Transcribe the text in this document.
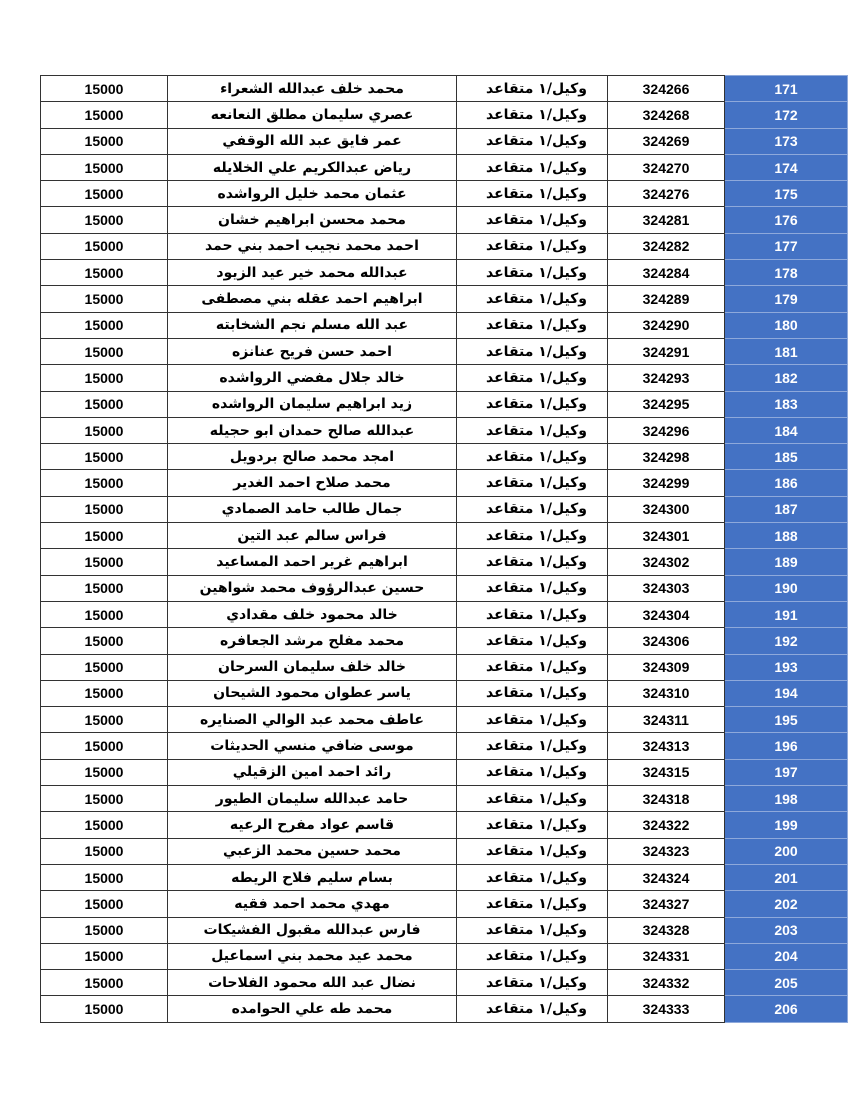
15000	محمد خلف عبدالله الشعراء	وكيل/١ متقاعد	324266	171
15000	عصري سليمان مطلق النعانعه	وكيل/١ متقاعد	324268	172
15000	عمر فايق عبد الله الوقفي	وكيل/١ متقاعد	324269	173
15000	رياض عبدالكريم علي الخلايله	وكيل/١ متقاعد	324270	174
15000	عثمان محمد خليل الرواشده	وكيل/١ متقاعد	324276	175
15000	محمد محسن ابراهيم خشان	وكيل/١ متقاعد	324281	176
15000	احمد محمد نجيب احمد بني حمد	وكيل/١ متقاعد	324282	177
15000	عبدالله محمد خير عيد الزيود	وكيل/١ متقاعد	324284	178
15000	ابراهيم احمد عقله بني مصطفى	وكيل/١ متقاعد	324289	179
15000	عبد الله مسلم نجم الشخابته	وكيل/١ متقاعد	324290	180
15000	احمد حسن فريح عنانزه	وكيل/١ متقاعد	324291	181
15000	خالد جلال مفضي الرواشده	وكيل/١ متقاعد	324293	182
15000	زيد ابراهيم سليمان الرواشده	وكيل/١ متقاعد	324295	183
15000	عبدالله صالح حمدان ابو حجيله	وكيل/١ متقاعد	324296	184
15000	امجد محمد صالح بردويل	وكيل/١ متقاعد	324298	185
15000	محمد صلاح احمد الغدير	وكيل/١ متقاعد	324299	186
15000	جمال طالب حامد الصمادي	وكيل/١ متقاعد	324300	187
15000	فراس سالم عبد التين	وكيل/١ متقاعد	324301	188
15000	ابراهيم غرير احمد المساعيد	وكيل/١ متقاعد	324302	189
15000	حسين عبدالرؤوف محمد شواهين	وكيل/١ متقاعد	324303	190
15000	خالد محمود خلف مقدادي	وكيل/١ متقاعد	324304	191
15000	محمد مفلح مرشد الجعافره	وكيل/١ متقاعد	324306	192
15000	خالد خلف سليمان السرحان	وكيل/١ متقاعد	324309	193
15000	ياسر عطوان محمود الشيحان	وكيل/١ متقاعد	324310	194
15000	عاطف محمد عبد الوالي الصنايره	وكيل/١ متقاعد	324311	195
15000	موسى ضافي منسي الحديثات	وكيل/١ متقاعد	324313	196
15000	رائد احمد امين الزقيلي	وكيل/١ متقاعد	324315	197
15000	حامد عبدالله سليمان الطيور	وكيل/١ متقاعد	324318	198
15000	قاسم عواد مفرح الرعيه	وكيل/١ متقاعد	324322	199
15000	محمد حسين محمد الزعبي	وكيل/١ متقاعد	324323	200
15000	بسام سليم فلاح الريطه	وكيل/١ متقاعد	324324	201
15000	مهدي محمد احمد فقيه	وكيل/١ متقاعد	324327	202
15000	فارس عبدالله مقبول الفشيكات	وكيل/١ متقاعد	324328	203
15000	محمد عيد محمد بني اسماعيل	وكيل/١ متقاعد	324331	204
15000	نضال عبد الله محمود الفلاحات	وكيل/١ متقاعد	324332	205
15000	محمد طه علي الحوامده	وكيل/١ متقاعد	324333	206
